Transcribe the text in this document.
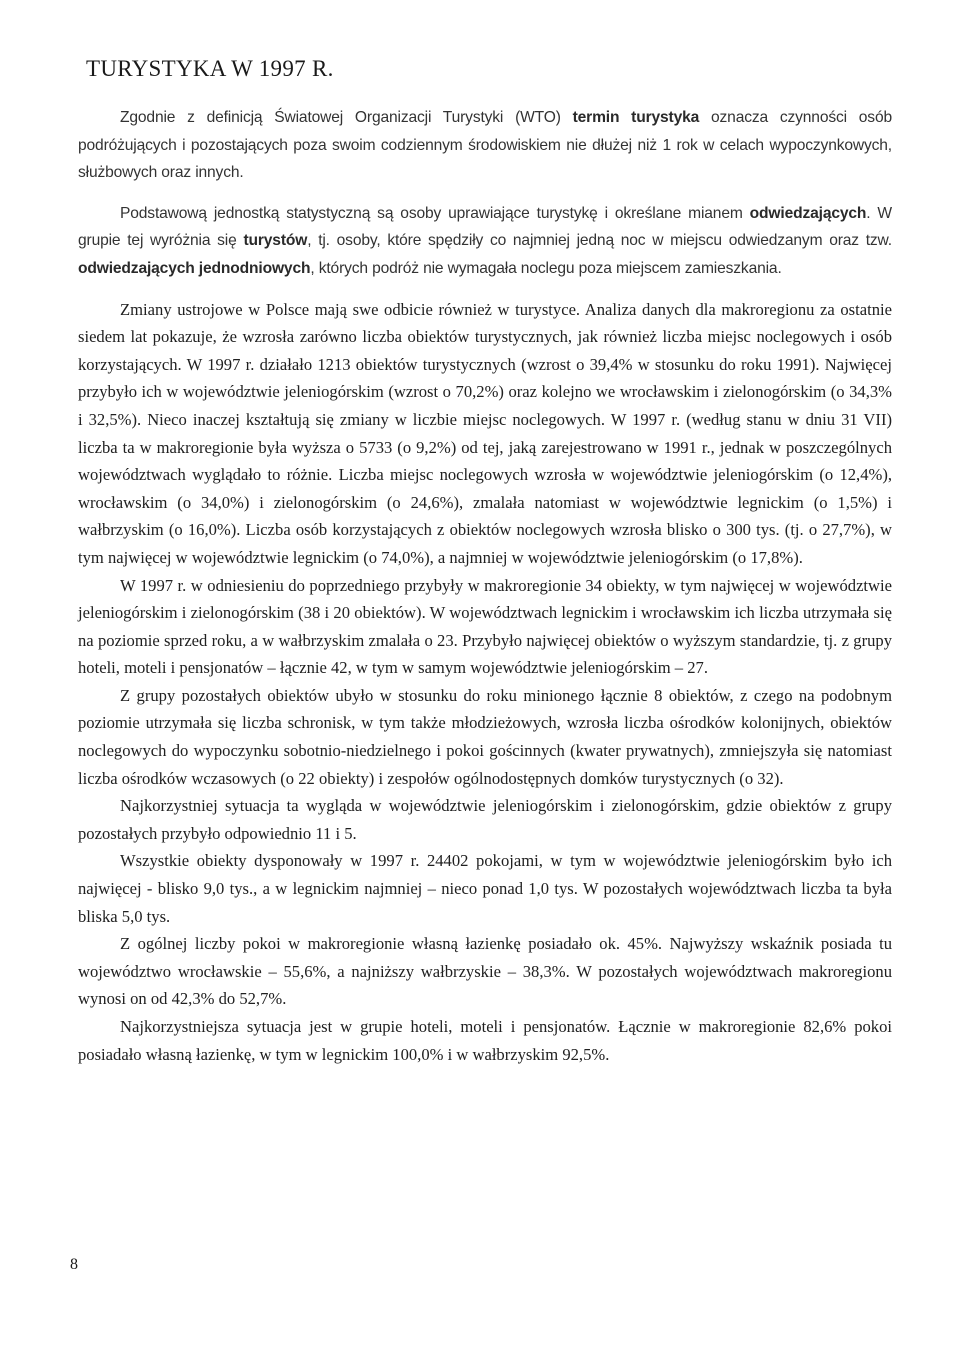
TURYSTYKA W 1997 R.

Zgodnie z definicją Światowej Organizacji Turystyki (WTO) termin turystyka oznacza czynności osób podróżujących i pozostających poza swoim codziennym środowiskiem nie dłużej niż 1 rok w celach wypoczynkowych, służbowych oraz innych.

Podstawową jednostką statystyczną są osoby uprawiające turystykę i określane mianem odwiedzających. W grupie tej wyróżnia się turystów, tj. osoby, które spędziły co najmniej jedną noc w miejscu odwiedzanym oraz tzw. odwiedzających jednodniowych, których podróż nie wymagała noclegu poza miejscem zamieszkania.

Zmiany ustrojowe w Polsce mają swe odbicie również w turystyce. Analiza danych dla makroregionu za ostatnie siedem lat pokazuje, że wzrosła zarówno liczba obiektów turystycznych, jak również liczba miejsc noclegowych i osób korzystających. W 1997 r. działało 1213 obiektów turystycznych (wzrost o 39,4% w stosunku do roku 1991). Najwięcej przybyło ich w województwie jeleniogórskim (wzrost o 70,2%) oraz kolejno we wrocławskim i zielonogórskim (o 34,3% i 32,5%). Nieco inaczej kształtują się zmiany w liczbie miejsc noclegowych. W 1997 r. (według stanu w dniu 31 VII) liczba ta w makroregionie była wyższa o 5733 (o 9,2%) od tej, jaką zarejestrowano w 1991 r., jednak w poszczególnych województwach wyglądało to różnie. Liczba miejsc noclegowych wzrosła w województwie jeleniogórskim (o 12,4%), wrocławskim (o 34,0%) i zielonogórskim (o 24,6%), zmalała natomiast w województwie legnickim (o 1,5%) i wałbrzyskim (o 16,0%). Liczba osób korzystających z obiektów noclegowych wzrosła blisko o 300 tys. (tj. o 27,7%), w tym najwięcej w województwie legnickim (o 74,0%), a najmniej w województwie jeleniogórskim (o 17,8%).

W 1997 r. w odniesieniu do poprzedniego przybyły w makroregionie 34 obiekty, w tym najwięcej w województwie jeleniogórskim i zielonogórskim (38 i 20 obiektów). W województwach legnickim i wrocławskim ich liczba utrzymała się na poziomie sprzed roku, a w wałbrzyskim zmalała o 23. Przybyło najwięcej obiektów o wyższym standardzie, tj. z grupy hoteli, moteli i pensjonatów – łącznie 42, w tym w samym województwie jeleniogórskim – 27.

Z grupy pozostałych obiektów ubyło w stosunku do roku minionego łącznie 8 obiektów, z czego na podobnym poziomie utrzymała się liczba schronisk, w tym także młodzieżowych, wzrosła liczba ośrodków kolonijnych, obiektów noclegowych do wypoczynku sobotnio-niedzielnego i pokoi gościnnych (kwater prywatnych), zmniejszyła się natomiast liczba ośrodków wczasowych (o 22 obiekty) i zespołów ogólnodostępnych domków turystycznych (o 32).

Najkorzystniej sytuacja ta wygląda w województwie jeleniogórskim i zielonogórskim, gdzie obiektów z grupy pozostałych przybyło odpowiednio 11 i 5.

Wszystkie obiekty dysponowały w 1997 r. 24402 pokojami, w tym w województwie jeleniogórskim było ich najwięcej - blisko 9,0 tys., a w legnickim najmniej – nieco ponad 1,0 tys. W pozostałych województwach liczba ta była bliska 5,0 tys.

Z ogólnej liczby pokoi w makroregionie własną łazienkę posiadało ok. 45%. Najwyższy wskaźnik posiada tu województwo wrocławskie – 55,6%, a najniższy wałbrzyskie – 38,3%. W pozostałych województwach makroregionu wynosi on od 42,3% do 52,7%.

Najkorzystniejsza sytuacja jest w grupie hoteli, moteli i pensjonatów. Łącznie w makroregionie 82,6% pokoi posiadało własną łazienkę, w tym w legnickim 100,0% i w wałbrzyskim 92,5%.

8
